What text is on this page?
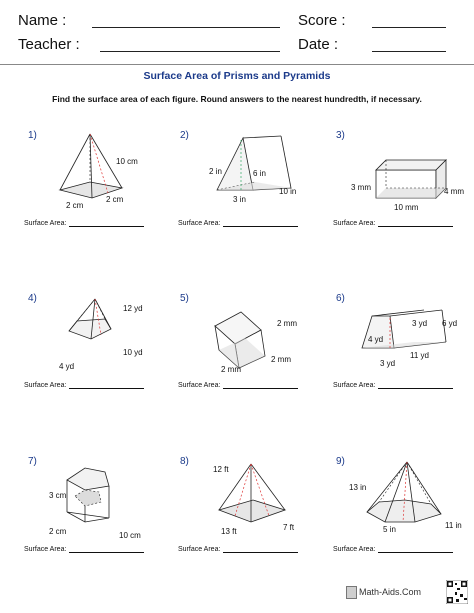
Name :	Score :
Teacher :	Date :
Surface Area of Prisms and Pyramids
Find the surface area of each figure. Round answers to the nearest hundredth, if necessary.
1)	2)	3)
4)	5)	6)
7)	8)	9)
Surface Area:	Surface Area:	Surface Area:
Surface Area:	Surface Area:	Surface Area:
Surface Area:	Surface Area:	Surface Area:
10 cm
2 cm
2 cm
2 in	6 in
10 in
3 in
3 mm	4 mm
10 mm
12 yd
10 yd
4 yd
2 mm
2 mm
2 mm
3 yd 6 yd
4 yd
11 yd
3 yd
3 cm
2 cm	10 cm
12 ft
13 ft	7 ft
13 in
5 in	11 in
Math-Aids.Com
